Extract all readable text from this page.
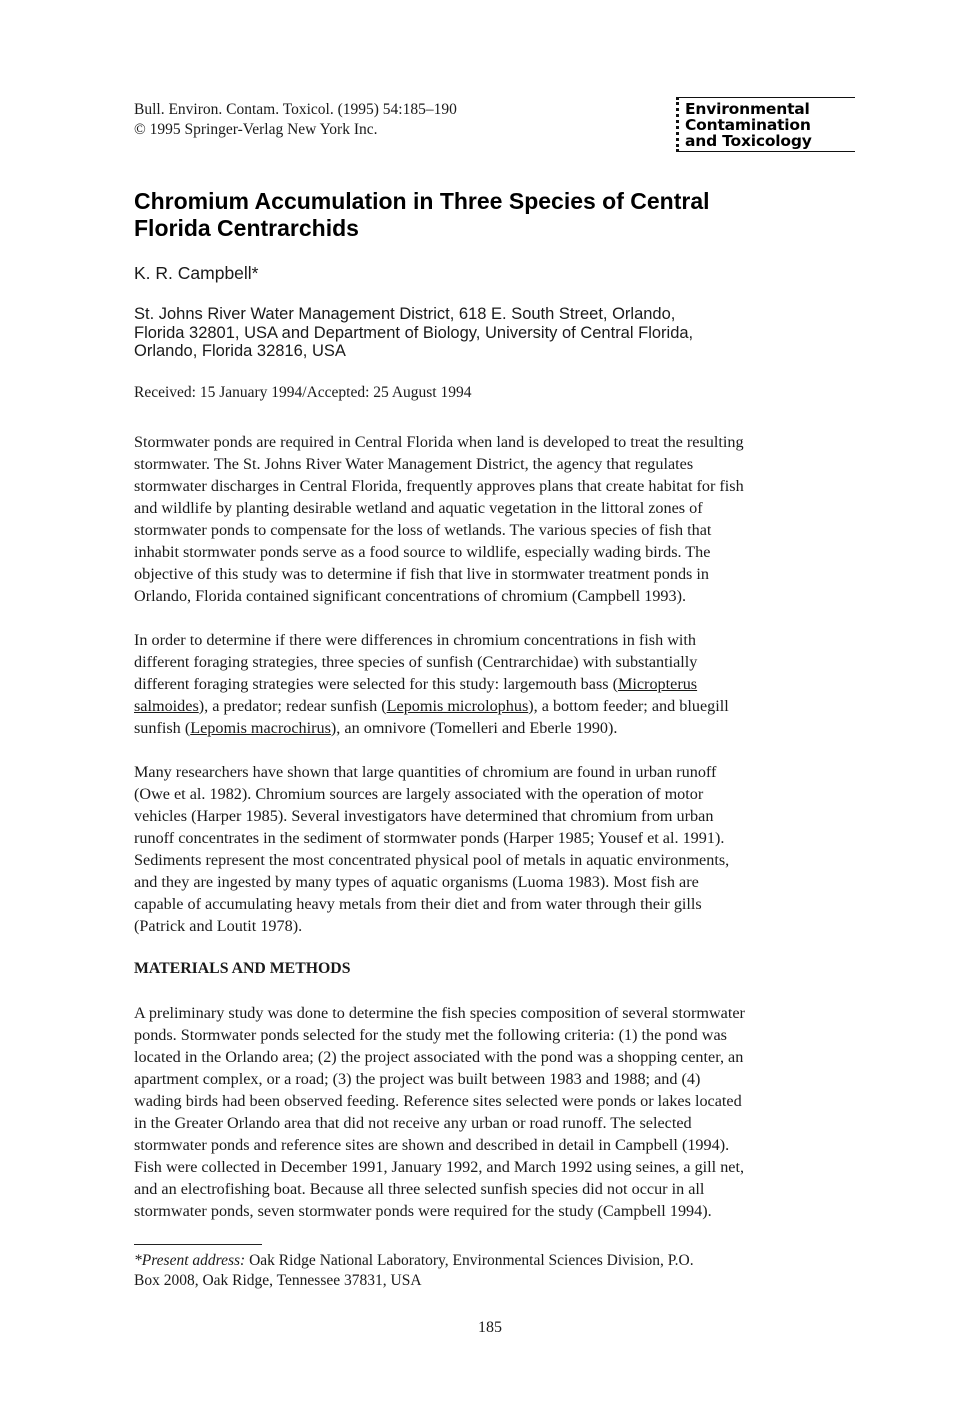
Bull. Environ. Contam. Toxicol. (1995) 54:185–190
© 1995 Springer-Verlag New York Inc.
Environmental
Contamination
and Toxicology
Chromium Accumulation in Three Species of Central
Florida Centrarchids
K. R. Campbell*
St. Johns River Water Management District, 618 E. South Street, Orlando,
Florida 32801, USA and Department of Biology, University of Central Florida,
Orlando, Florida 32816, USA
Received: 15 January 1994/Accepted: 25 August 1994
Stormwater ponds are required in Central Florida when land is developed to treat the resulting
stormwater. The St. Johns River Water Management District, the agency that regulates
stormwater discharges in Central Florida, frequently approves plans that create habitat for fish
and wildlife by planting desirable wetland and aquatic vegetation in the littoral zones of
stormwater ponds to compensate for the loss of wetlands. The various species of fish that
inhabit stormwater ponds serve as a food source to wildlife, especially wading birds. The
objective of this study was to determine if fish that live in stormwater treatment ponds in
Orlando, Florida contained significant concentrations of chromium (Campbell 1993).
In order to determine if there were differences in chromium concentrations in fish with
different foraging strategies, three species of sunfish (Centrarchidae) with substantially
different foraging strategies were selected for this study: largemouth bass (Micropterus
salmoides), a predator; redear sunfish (Lepomis microlophus), a bottom feeder; and bluegill
sunfish (Lepomis macrochirus), an omnivore (Tomelleri and Eberle 1990).
Many researchers have shown that large quantities of chromium are found in urban runoff
(Owe et al. 1982). Chromium sources are largely associated with the operation of motor
vehicles (Harper 1985). Several investigators have determined that chromium from urban
runoff concentrates in the sediment of stormwater ponds (Harper 1985; Yousef et al. 1991).
Sediments represent the most concentrated physical pool of metals in aquatic environments,
and they are ingested by many types of aquatic organisms (Luoma 1983). Most fish are
capable of accumulating heavy metals from their diet and from water through their gills
(Patrick and Loutit 1978).
MATERIALS AND METHODS
A preliminary study was done to determine the fish species composition of several stormwater
ponds. Stormwater ponds selected for the study met the following criteria: (1) the pond was
located in the Orlando area; (2) the project associated with the pond was a shopping center, an
apartment complex, or a road; (3) the project was built between 1983 and 1988; and (4)
wading birds had been observed feeding. Reference sites selected were ponds or lakes located
in the Greater Orlando area that did not receive any urban or road runoff. The selected
stormwater ponds and reference sites are shown and described in detail in Campbell (1994).
Fish were collected in December 1991, January 1992, and March 1992 using seines, a gill net,
and an electrofishing boat. Because all three selected sunfish species did not occur in all
stormwater ponds, seven stormwater ponds were required for the study (Campbell 1994).
*Present address: Oak Ridge National Laboratory, Environmental Sciences Division, P.O.
Box 2008, Oak Ridge, Tennessee 37831, USA
185
